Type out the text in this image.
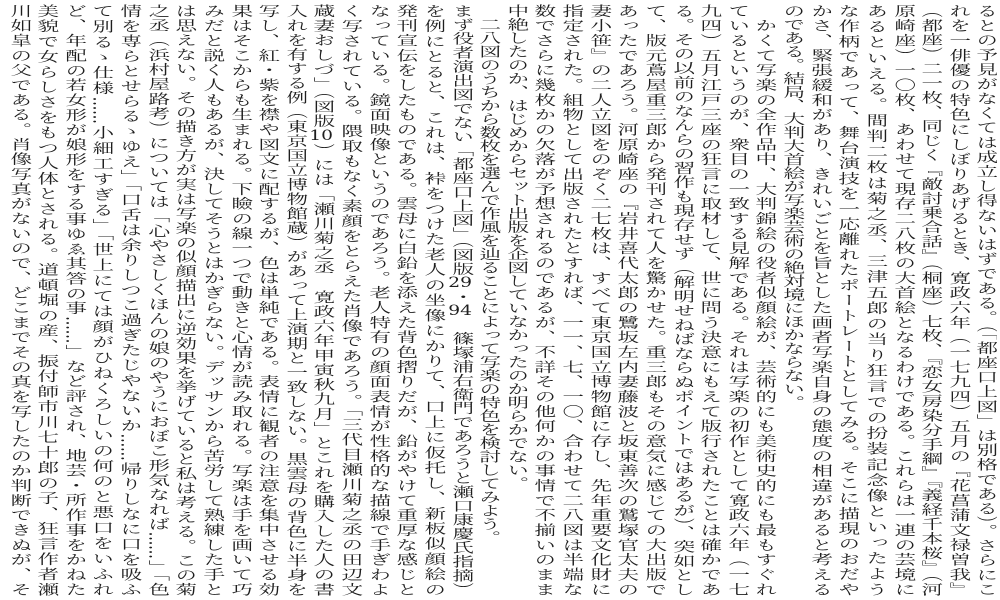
るとの予見がなくては成立し得ないはずである。（「都座口上図」は別格である）。さらにこ
れを一俳優の特色にしぼりあげるとき、寛政六年（一七九四）五月の『花菖蒲文禄曽我』
（都座）二一枚、同じく『敵討乗合話』（桐座）七枚、『恋女房染分手綱』『義経千本桜』（河
原崎座）一〇枚、あわせて現存二八枚の大首絵となるわけである。これらは一連の芸境に
あるといえる。間判二枚は菊之丞、三津五郎の当り狂言での扮装記念像といったよう
な作柄であって、舞台演技を一応離れたポートレートとしてみる。そこに描現のおだや
かさ、緊張緩和があり、きれいごとを旨とした画者写楽自身の態度の相違があると考える
のである。結局、大判大首絵が写楽芸術の絶対境にほかならない。
　かくて写楽の全作品中、大判錦絵の役者似顔絵が、芸術的にも美術史的にも最もすぐれ
ているというのが、衆目の一致する見解である。それは写楽の初作として寛政六年（一七
九四）五月江戸三座の狂言に取材して、世に問う決意にもえて版行されたことは確かであ
る。その以前のなんらの習作も現存せず（解明せねばならぬポイントではあるが）、突如とし
て、版元蔦屋重三郎から発刊されて人を驚かせた。重三郎もその意気に感じての大出版で
あったであろう。河原崎座の『岩井喜代太郎の鷺坂左内妻藤波と坂東善次の鷲塚官太夫の
妻小笹』の二人立図をのぞく二七枚は、すべて東京国立博物館に存し、先年重要文化財に
指定された。組物として出版されたとすれば、一一、七、一〇、合わせて二八図は半端な
数でさらに幾枚かの欠落が予想されるのであるが、不詳その他何かの事情で不揃いのまま
中絶したのか、はじめからセット出版を企図していなかったのか明らかでない。
　二八図のうちから数枚を選んで作風を辿ることによって写楽の特色を検討してみよう。
まず役者演出図でない「都座口上図」（図版29・94　篠塚浦右衛門であろうと瀬口康慶氏指摘）
を例にとると、これは、裃をつけた老人の坐像にかりて、口上に仮托し、新板似顔絵の
発刊宣伝をしたものである。雲母に白鉛を添えた背色摺りだが、鉛がやけて重厚な感じと
なっている。鏡面映像というのであろう。老人特有の顔面表情が性格的な描線で手ぎわよ
く写されている。隈取もなく素顔をとらえた肖像であろう。「三代目瀬川菊之丞の田辺文
蔵妻おしづ」（図版10）には「瀬川菊之丞　寛政六年甲寅秋九月」とこれを購入した人の書
入れを有する例（東京国立博物館蔵）があって上演期と一致しない。黒雲母の背色に半身を
写し、紅・紫を襟や図文に配するが、色は単純である。表情に観者の注意を集中させる効
果はそこからも生まれる。下瞼の線一つで動きと心情が読み取れる。写楽は手を画いて巧
みだと説く人もあるが、決してそうとはかぎらない。デッサンから苦労して熟練した手と
は思えない。その描き方が実は写楽の似顔描出に逆効果を挙げていると私は考える。この菊
之丞（浜村屋路考）については「心やさしくほんの娘のやうにおぼこ形気なれば……」「色
情を専らとせらるゝゆえ」「口舌は余りしつこ過ぎたじやないか……帰りしなに口を吸ふ
て別るゝ仕様……小細工すぎる」「世上にては顔がひねくろしいの何のと悪口をいふれ
ど、年配の若女形が娘形をする事ゆゑ其答の事……」など評され、地芸・所作事をかねた
美貌で女らしさをもつ人体とされる。道頓堀の産、振付師市川七十郎の子、狂言作者瀬
川如皐の父である。肖像写真がないので、どこまでその真を写したのか判断できぬが、そ
